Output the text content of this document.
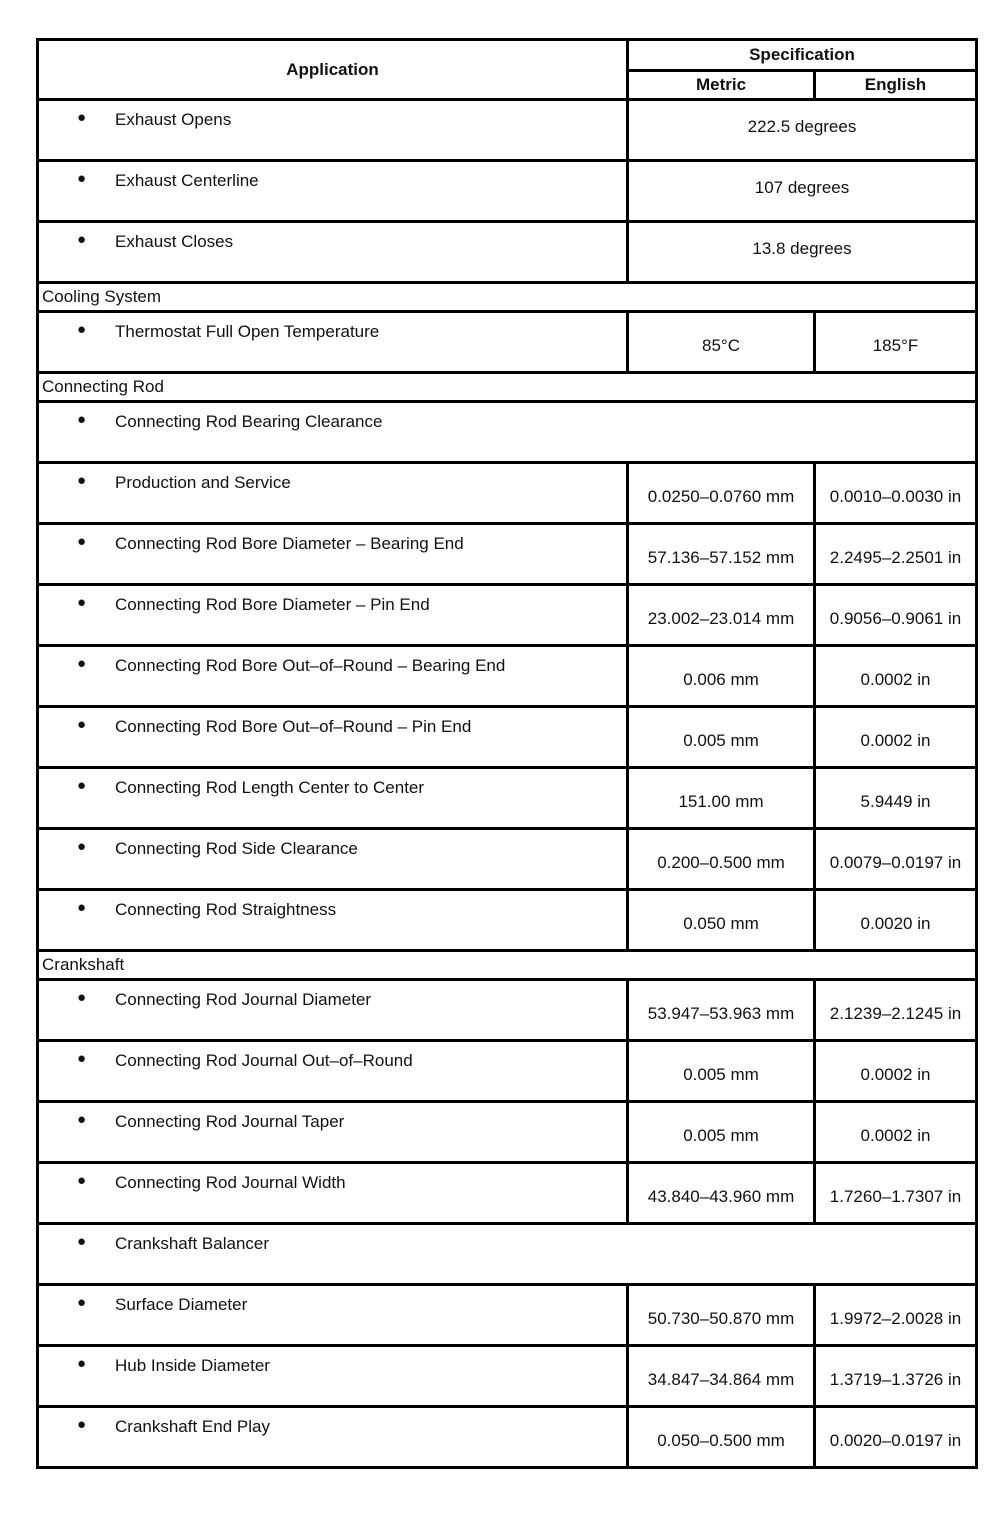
Application	Specification	
	Metric	English

● Exhaust Opens	222.5 degrees	

● Exhaust Centerline	107 degrees	

● Exhaust Closes	13.8 degrees	
Cooling System		

● Thermostat Full Open Temperature	85°C	185°F
Connecting Rod		

● Connecting Rod Bearing Clearance		

● Production and Service	0.0250–0.0760 mm	0.0010–0.0030 in

● Connecting Rod Bore Diameter – Bearing End	57.136–57.152 mm	2.2495–2.2501 in

● Connecting Rod Bore Diameter – Pin End	23.002–23.014 mm	0.9056–0.9061 in

● Connecting Rod Bore Out–of–Round – Bearing End	0.006 mm	0.0002 in

● Connecting Rod Bore Out–of–Round – Pin End	0.005 mm	0.0002 in

● Connecting Rod Length Center to Center	151.00 mm	5.9449 in

● Connecting Rod Side Clearance	0.200–0.500 mm	0.0079–0.0197 in

● Connecting Rod Straightness	0.050 mm	0.0020 in
Crankshaft		

● Connecting Rod Journal Diameter	53.947–53.963 mm	2.1239–2.1245 in

● Connecting Rod Journal Out–of–Round	0.005 mm	0.0002 in

● Connecting Rod Journal Taper	0.005 mm	0.0002 in

● Connecting Rod Journal Width	43.840–43.960 mm	1.7260–1.7307 in

● Crankshaft Balancer		

● Surface Diameter	50.730–50.870 mm	1.9972–2.0028 in

● Hub Inside Diameter	34.847–34.864 mm	1.3719–1.3726 in

● Crankshaft End Play	0.050–0.500 mm	0.0020–0.0197 in
